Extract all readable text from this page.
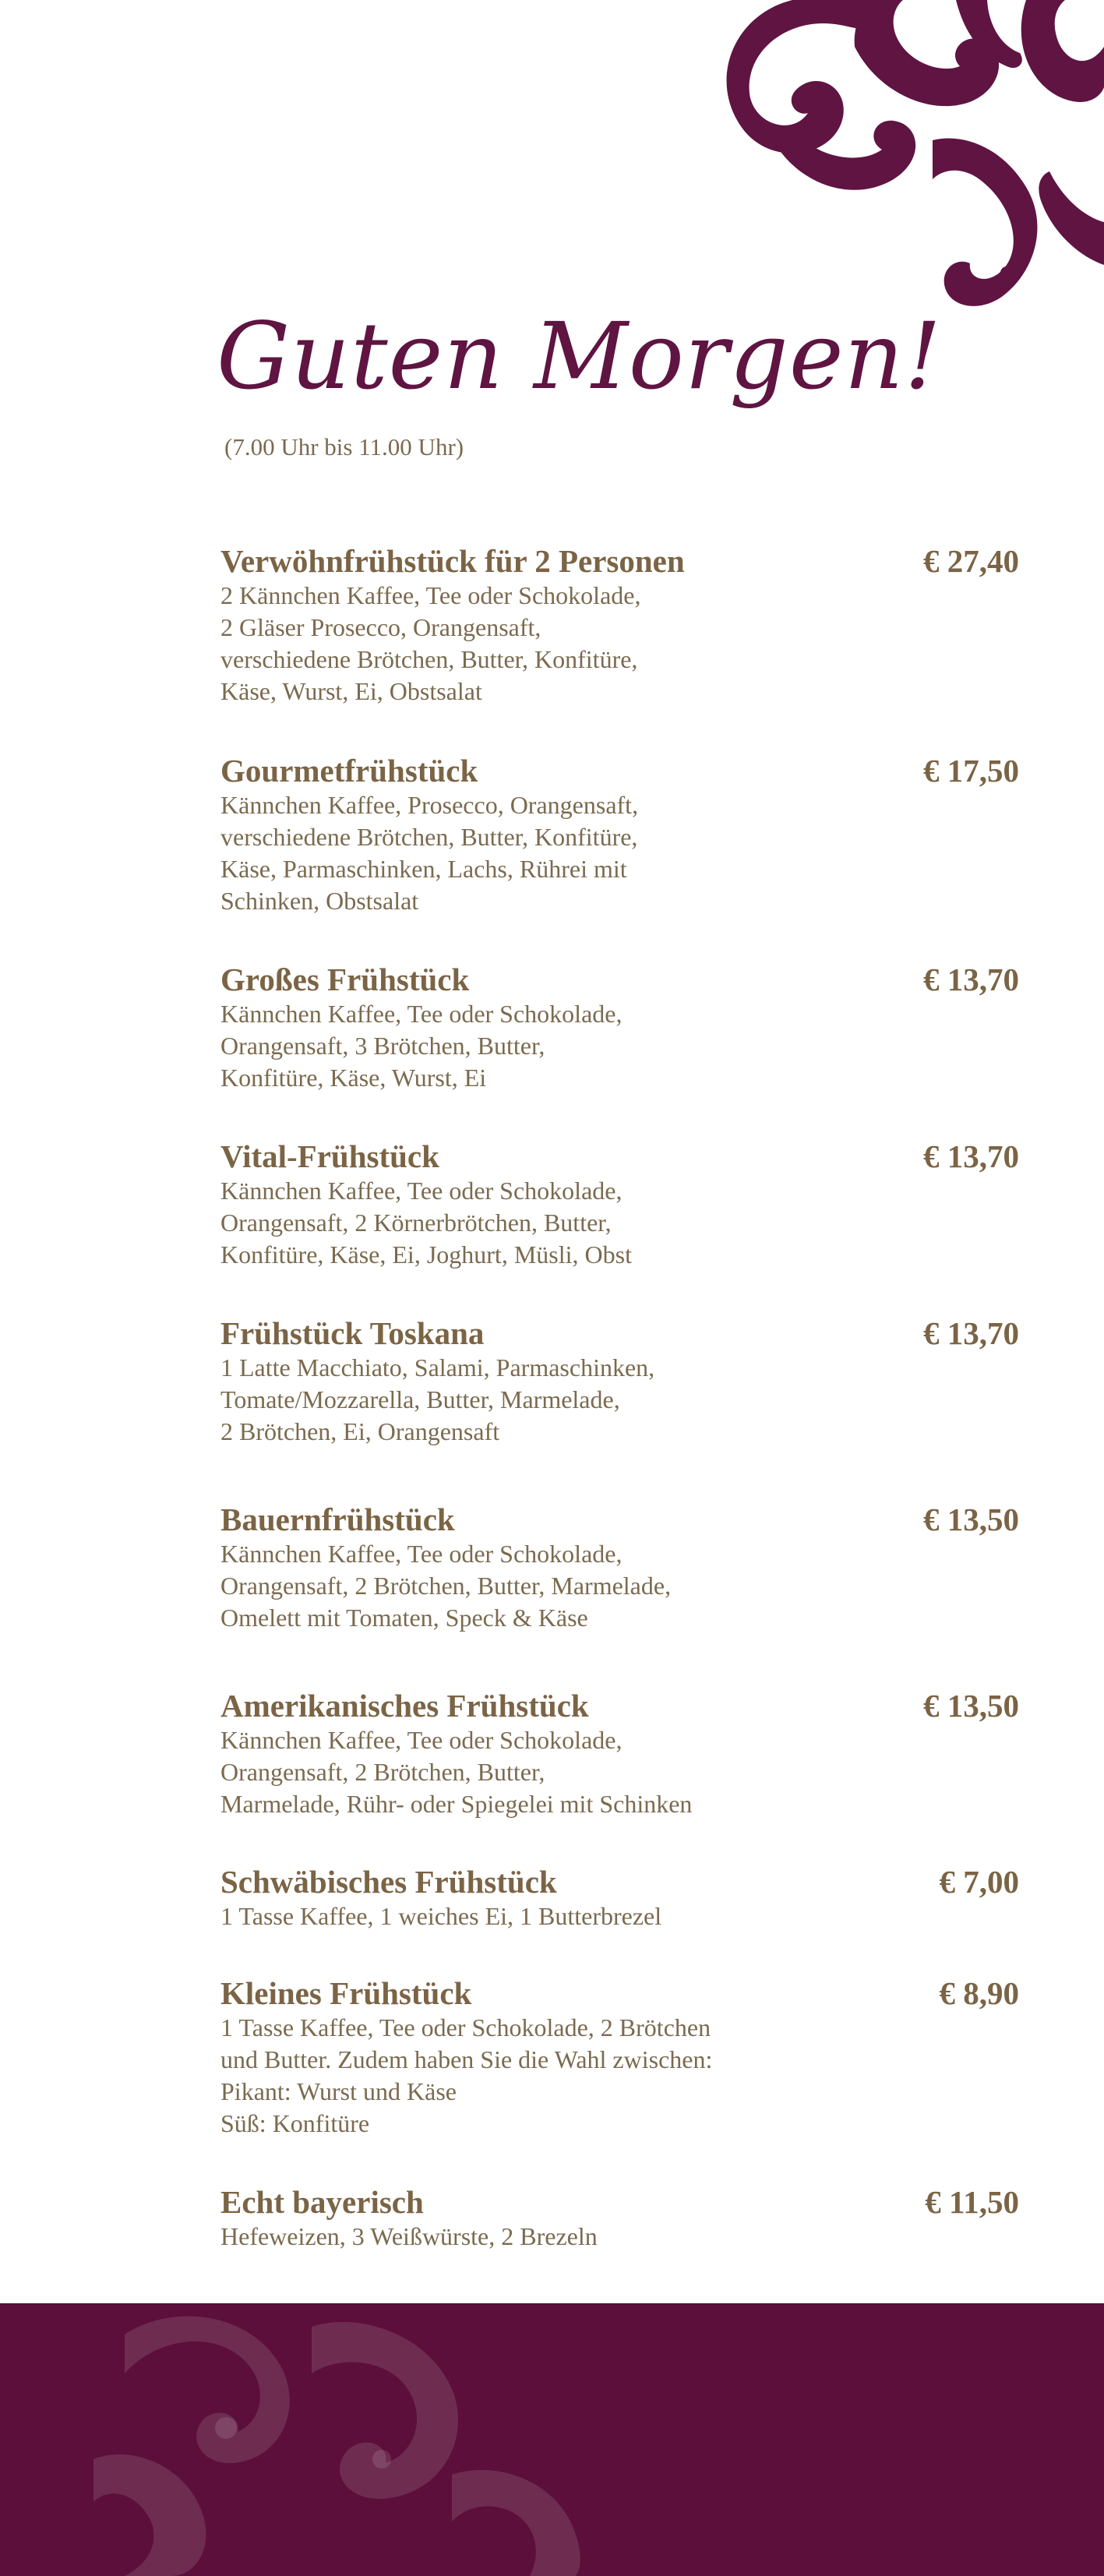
Guten Morgen!
(7.00 Uhr bis 11.00 Uhr)
Verwöhnfrühstück für 2 Personen	€ 27,40
2 Kännchen Kaffee, Tee oder Schokolade,
2 Gläser Prosecco, Orangensaft,
verschiedene Brötchen, Butter, Konfitüre,
Käse, Wurst, Ei, Obstsalat
Gourmetfrühstück	€ 17,50
Kännchen Kaffee, Prosecco, Orangensaft,
verschiedene Brötchen, Butter, Konfitüre,
Käse, Parmaschinken, Lachs, Rührei mit
Schinken, Obstsalat
Großes Frühstück	€ 13,70
Kännchen Kaffee, Tee oder Schokolade,
Orangensaft, 3 Brötchen, Butter,
Konfitüre, Käse, Wurst, Ei
Vital-Frühstück	€ 13,70
Kännchen Kaffee, Tee oder Schokolade,
Orangensaft, 2 Körnerbrötchen, Butter,
Konfitüre, Käse, Ei, Joghurt, Müsli, Obst
Frühstück Toskana	€ 13,70
1 Latte Macchiato, Salami, Parmaschinken,
Tomate/Mozzarella, Butter, Marmelade,
2 Brötchen, Ei, Orangensaft
Bauernfrühstück	€ 13,50
Kännchen Kaffee, Tee oder Schokolade,
Orangensaft, 2 Brötchen, Butter, Marmelade,
Omelett mit Tomaten, Speck & Käse
Amerikanisches Frühstück	€ 13,50
Kännchen Kaffee, Tee oder Schokolade,
Orangensaft, 2 Brötchen, Butter,
Marmelade, Rühr- oder Spiegelei mit Schinken
Schwäbisches Frühstück	€ 7,00
1 Tasse Kaffee, 1 weiches Ei, 1 Butterbrezel
Kleines Frühstück	€ 8,90
1 Tasse Kaffee, Tee oder Schokolade, 2 Brötchen
und Butter. Zudem haben Sie die Wahl zwischen:
Pikant: Wurst und Käse
Süß: Konfitüre
Echt bayerisch	€ 11,50
Hefeweizen, 3 Weißwürste, 2 Brezeln
